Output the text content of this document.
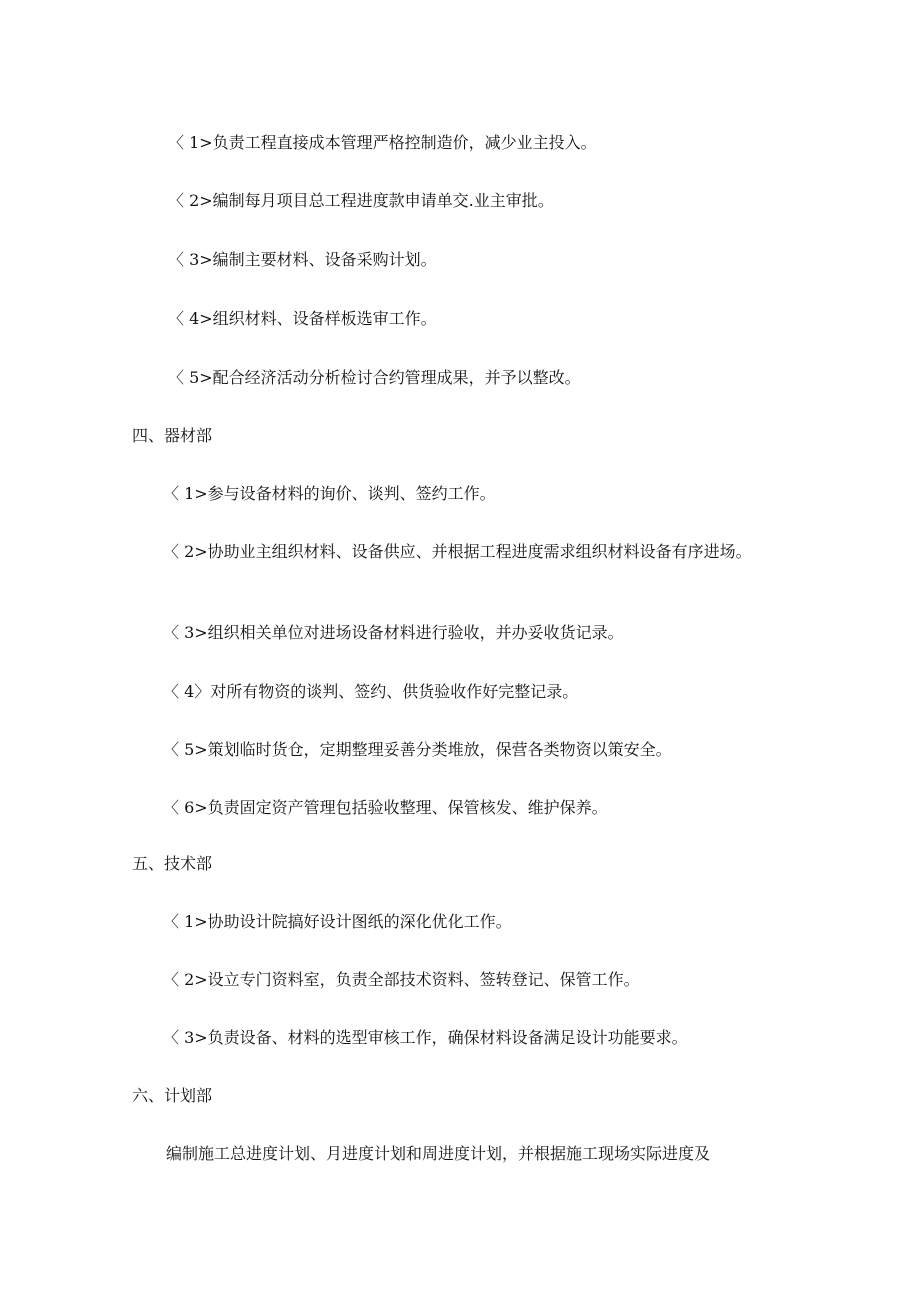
〈 1>负责工程直接成本管理严格控制造价，减少业主投入。
〈 2>编制每月项目总工程进度款申请单交.业主审批。
〈 3>编制主要材料、设备采购计划。
〈 4>组织材料、设备样板选审工作。
〈 5>配合经济活动分析检讨合约管理成果，并予以整改。
四、器材部
〈 1>参与设备材料的询价、谈判、签约工作。
〈 2>协助业主组织材料、设备供应、并根据工程进度需求组织材料设备有序进场。
〈 3>组织相关单位对进场设备材料进行验收，并办妥收货记录。
〈 4〉对所有物资的谈判、签约、供货验收作好完整记录。
〈 5>策划临时货仓，定期整理妥善分类堆放，保营各类物资以策安全。
〈 6>负责固定资产管理包括验收整理、保管核发、维护保养。
五、技术部
〈 1>协助设计院搞好设计图纸的深化优化工作。
〈 2>设立专门资料室，负责全部技术资料、签转登记、保管工作。
〈 3>负责设备、材料的选型审核工作，确保材料设备满足设计功能要求。
六、计划部
编制施工总进度计划、月进度计划和周进度计划，并根据施工现场实际进度及
